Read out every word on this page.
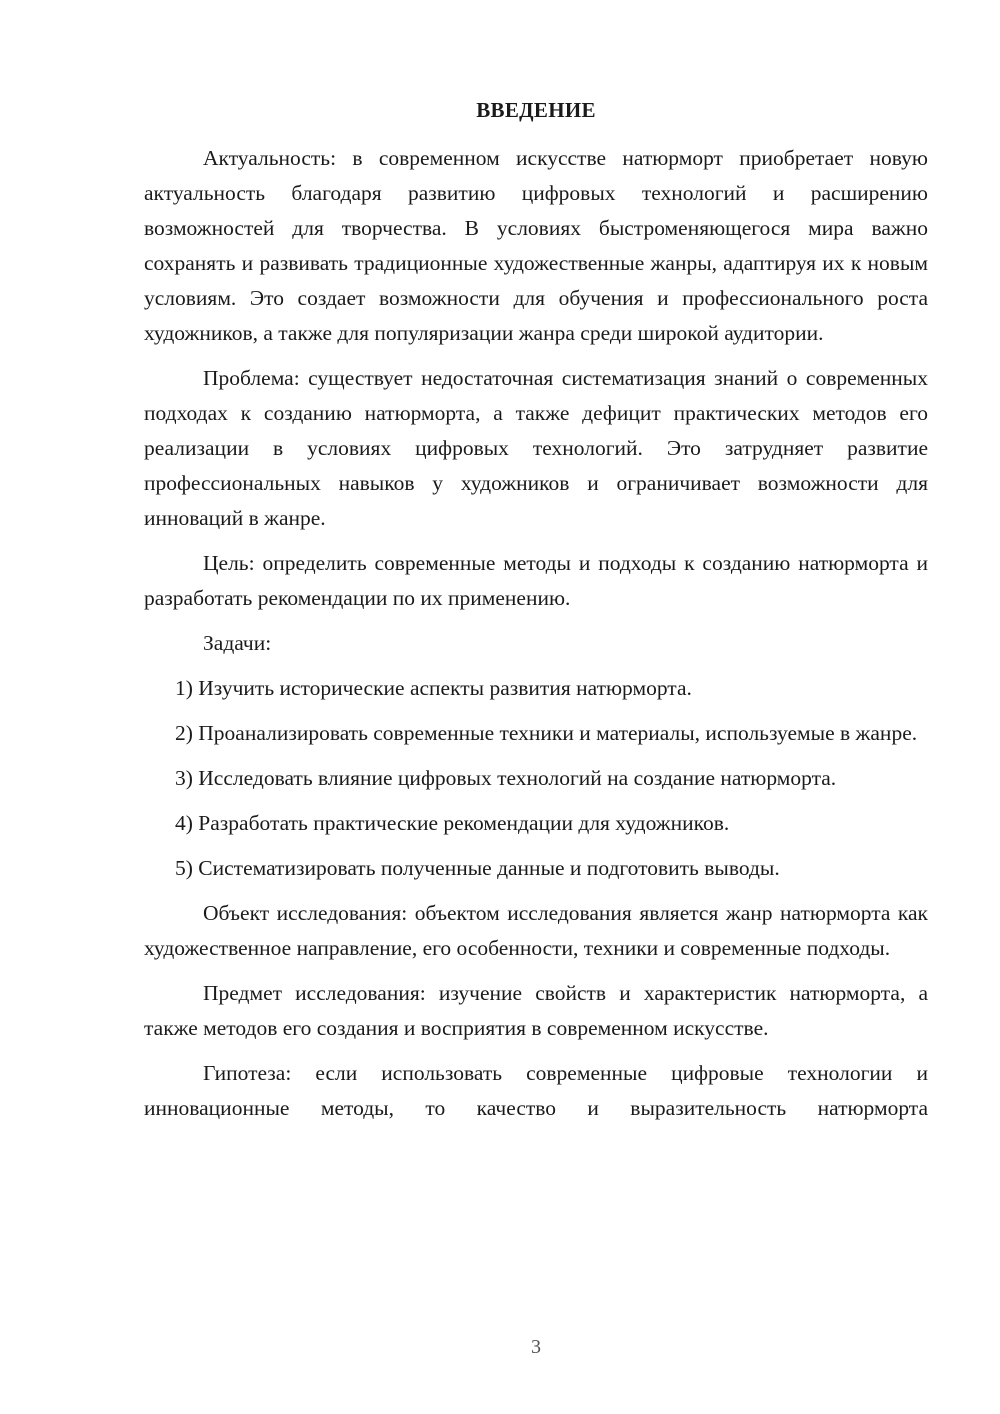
ВВЕДЕНИЕ

Актуальность: в современном искусстве натюрморт приобретает новую актуальность благодаря развитию цифровых технологий и расширению возможностей для творчества. В условиях быстроменяющегося мира важно сохранять и развивать традиционные художественные жанры, адаптируя их к новым условиям. Это создает возможности для обучения и профессионального роста художников, а также для популяризации жанра среди широкой аудитории.

Проблема: существует недостаточная систематизация знаний о современных подходах к созданию натюрморта, а также дефицит практических методов его реализации в условиях цифровых технологий. Это затрудняет развитие профессиональных навыков у художников и ограничивает возможности для инноваций в жанре.

Цель: определить современные методы и подходы к созданию натюрморта и разработать рекомендации по их применению.

Задачи:

1) Изучить исторические аспекты развития натюрморта.

2) Проанализировать современные техники и материалы, используемые в жанре.

3) Исследовать влияние цифровых технологий на создание натюрморта.

4) Разработать практические рекомендации для художников.

5) Систематизировать полученные данные и подготовить выводы.

Объект исследования: объектом исследования является жанр натюрморта как художественное направление, его особенности, техники и современные подходы.

Предмет исследования: изучение свойств и характеристик натюрморта, а также методов его создания и восприятия в современном искусстве.

Гипотеза: если использовать современные цифровые технологии и инновационные методы, то качество и выразительность натюрморта

3
